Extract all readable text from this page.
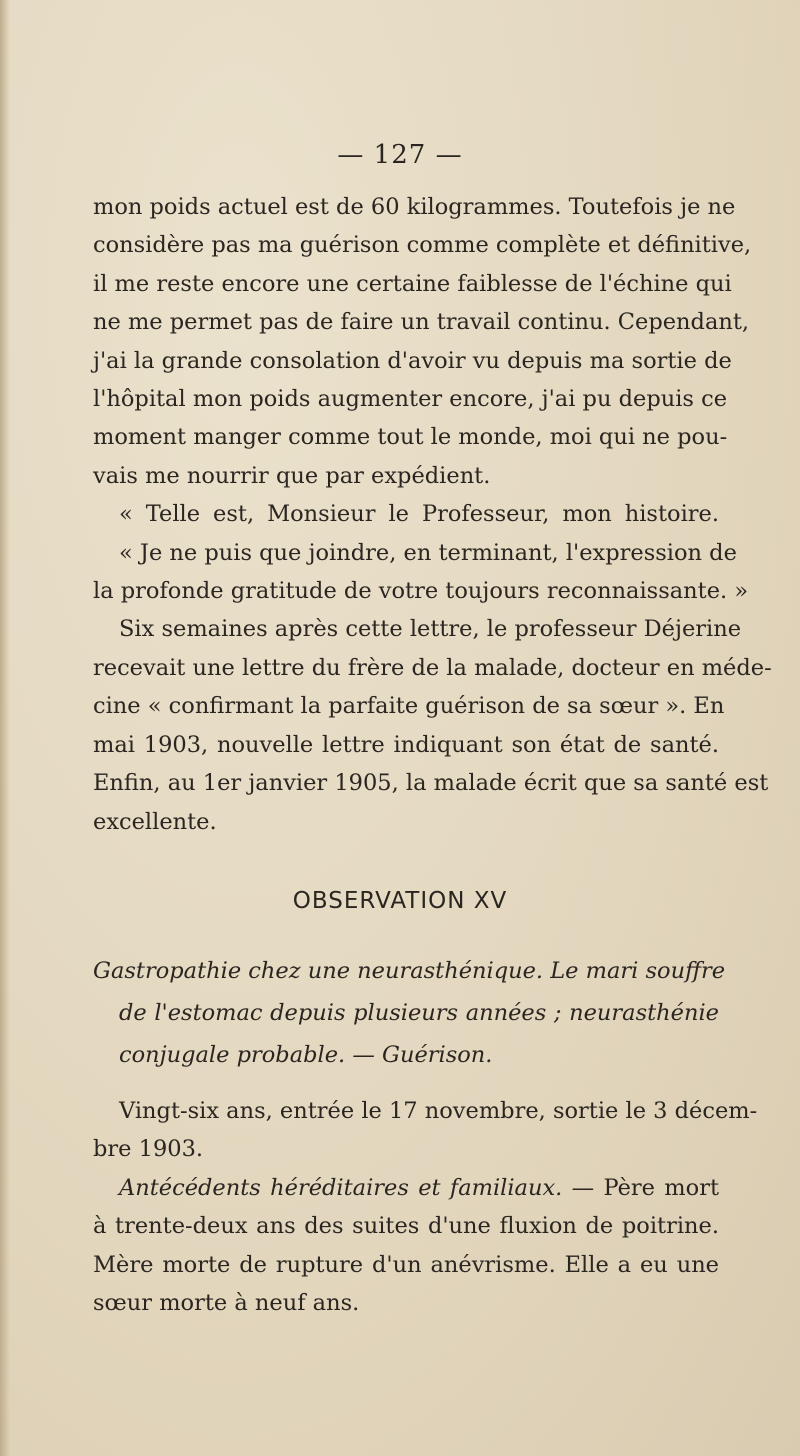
— 127 —
mon poids actuel est de 60 kilogrammes. Toutefois je ne
considère pas ma guérison comme complète et définitive,
il me reste encore une certaine faiblesse de l'échine qui
ne me permet pas de faire un travail continu. Cependant,
j'ai la grande consolation d'avoir vu depuis ma sortie de
l'hôpital mon poids augmenter encore, j'ai pu depuis ce
moment manger comme tout le monde, moi qui ne pou-
vais me nourrir que par expédient.
« Telle est, Monsieur le Professeur, mon histoire.
« Je ne puis que joindre, en terminant, l'expression de
la profonde gratitude de votre toujours reconnaissante. »
Six semaines après cette lettre, le professeur Déjerine
recevait une lettre du frère de la malade, docteur en méde-
cine « confirmant la parfaite guérison de sa sœur ». En
mai 1903, nouvelle lettre indiquant son état de santé.
Enfin, au 1er janvier 1905, la malade écrit que sa santé est
excellente.
OBSERVATION XV
Gastropathie chez une neurasthénique. Le mari souffre
de l'estomac depuis plusieurs années ; neurasthénie
conjugale probable. — Guérison.
Vingt-six ans, entrée le 17 novembre, sortie le 3 décem-
bre 1903.
Antécédents héréditaires et familiaux. — Père mort
à trente-deux ans des suites d'une fluxion de poitrine.
Mère morte de rupture d'un anévrisme. Elle a eu une
sœur morte à neuf ans.
